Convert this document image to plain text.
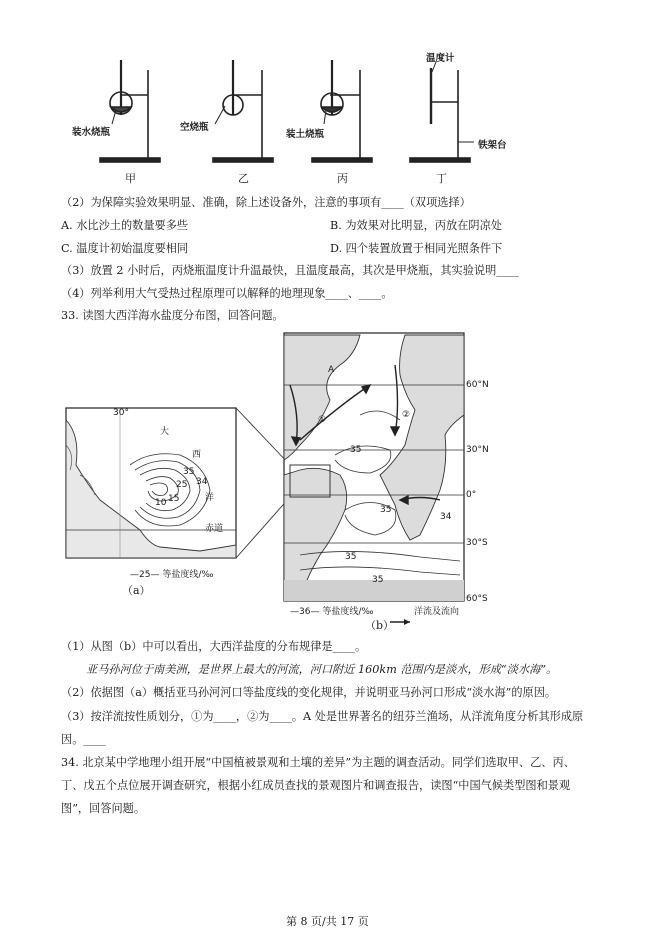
装水烧瓶	空烧瓶
装土烧瓶
温度计
铁架台
甲	乙	丙	丁
（2）为保障实验效果明显、准确，除上述设备外，注意的事项有____（双项选择）
A. 水比沙土的数量要多些	B. 为效果对比明显，丙放在阴凉处
C. 温度计初始温度要相同	D. 四个装置放置于相同光照条件下
（3）放置 2 小时后，丙烧瓶温度计升温最快，且温度最高，其次是甲烧瓶，其实验说明____
（4）列举利用大气受热过程原理可以解释的地理现象____、____。
33. 读图大西洋海水盐度分布图，回答问题。
30°
大
西
洋
赤道
35
25 34
15
10
—25— 等盐度线/‰
（a）
60°N
30°N
0°
30°S
60°S
35
35
34
35
35
A
①	②
—36— 等盐度线/‰	洋流及流向
（b）
（1）从图（b）中可以看出，大西洋盐度的分布规律是____。
亚马孙河位于南美洲，是世界上最大的河流，河口附近 160km 范围内是淡水，形成“淡水海”。
（2）依据图（a）概括亚马孙河河口等盐度线的变化规律，并说明亚马孙河口形成“淡水海”的原因。
（3）按洋流按性质划分，①为____，②为____。A 处是世界著名的纽芬兰渔场，从洋流角度分析其形成原
因。____
34. 北京某中学地理小组开展“中国植被景观和土壤的差异”为主题的调查活动。同学们选取甲、乙、丙、
丁、戊五个点位展开调查研究，根据小红成员查找的景观图片和调查报告，读图“中国气候类型图和景观
图”，回答问题。
第 8 页/共 17 页
